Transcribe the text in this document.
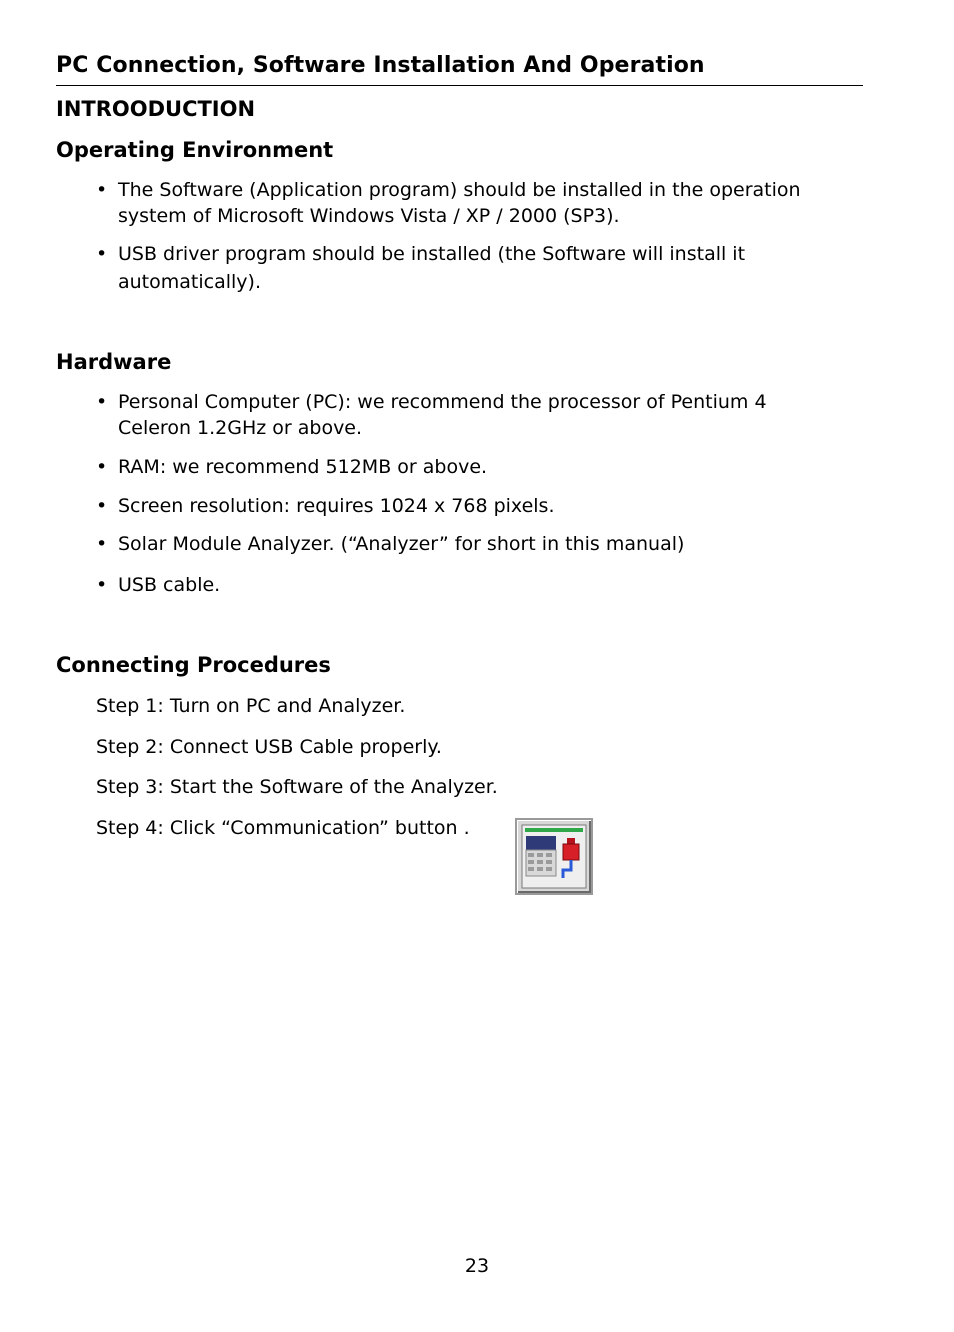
PC Connection, Software Installation And Operation
INTROODUCTION
Operating Environment
• The Software (Application program) should be installed in the operation
system of Microsoft Windows Vista / XP / 2000 (SP3).
• USB driver program should be installed (the Software will install it
automatically).
Hardware
• Personal Computer (PC): we recommend the processor of Pentium 4
Celeron 1.2GHz or above.
• RAM: we recommend 512MB or above.
• Screen resolution: requires 1024 x 768 pixels.
• Solar Module Analyzer. (“Analyzer” for short in this manual)
• USB cable.
Connecting Procedures
Step 1: Turn on PC and Analyzer.
Step 2: Connect USB Cable properly.
Step 3: Start the Software of the Analyzer.
Step 4: Click “Communication” button .
23
